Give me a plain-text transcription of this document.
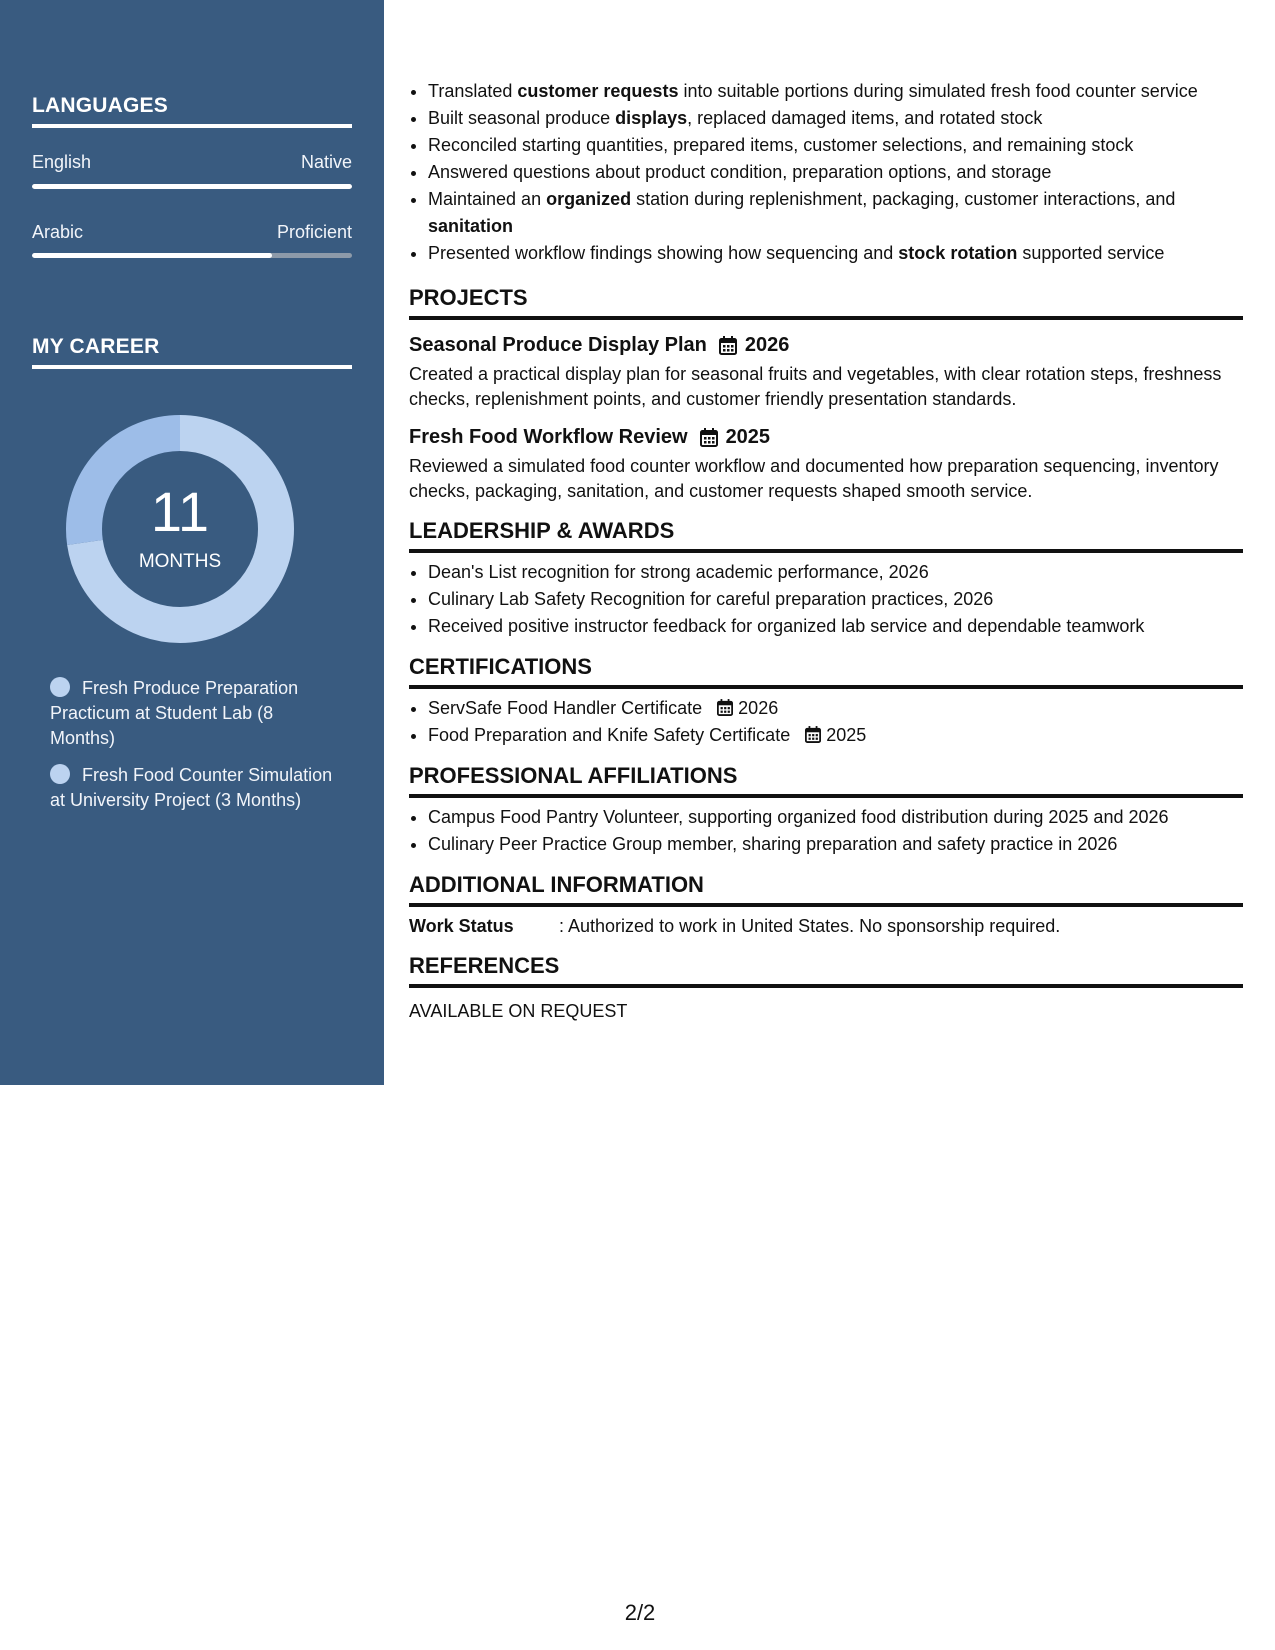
LANGUAGES
English	Native
Arabic	Proficient
MY CAREER
11
MONTHS
Fresh Produce Preparation Practicum at Student Lab (8 Months)
Fresh Food Counter Simulation at University Project (3 Months)
• Translated customer requests into suitable portions during simulated fresh food counter service
• Built seasonal produce displays, replaced damaged items, and rotated stock
• Reconciled starting quantities, prepared items, customer selections, and remaining stock
• Answered questions about product condition, preparation options, and storage
• Maintained an organized station during replenishment, packaging, customer interactions, and sanitation
• Presented workflow findings showing how sequencing and stock rotation supported service
PROJECTS
Seasonal Produce Display Plan 2026
Created a practical display plan for seasonal fruits and vegetables, with clear rotation steps, freshness checks, replenishment points, and customer friendly presentation standards.
Fresh Food Workflow Review 2025
Reviewed a simulated food counter workflow and documented how preparation sequencing, inventory checks, packaging, sanitation, and customer requests shaped smooth service.
LEADERSHIP & AWARDS
• Dean's List recognition for strong academic performance, 2026
• Culinary Lab Safety Recognition for careful preparation practices, 2026
• Received positive instructor feedback for organized lab service and dependable teamwork
CERTIFICATIONS
• ServSafe Food Handler Certificate 2026
• Food Preparation and Knife Safety Certificate 2025
PROFESSIONAL AFFILIATIONS
• Campus Food Pantry Volunteer, supporting organized food distribution during 2025 and 2026
• Culinary Peer Practice Group member, sharing preparation and safety practice in 2026
ADDITIONAL INFORMATION
Work Status	: Authorized to work in United States. No sponsorship required.
REFERENCES
AVAILABLE ON REQUEST
2/2
